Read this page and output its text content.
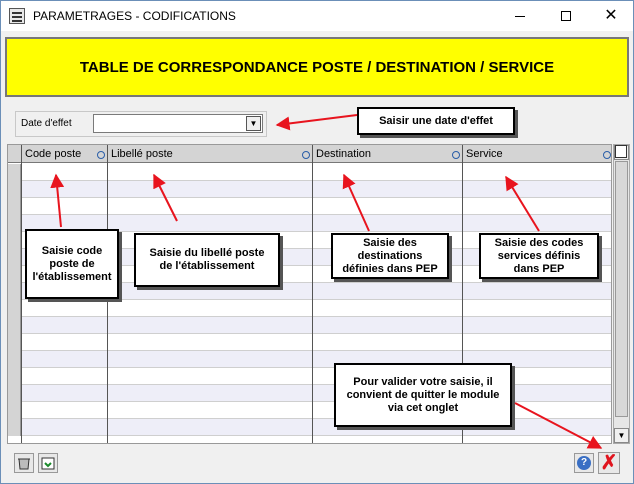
PARAMETRAGES - CODIFICATIONS	✕
TABLE DE CORRESPONDANCE POSTE / DESTINATION / SERVICE
Date d'effet	▼
Code poste	Libellé poste	Destination	Service
▼
Saisir une date d'effet
Saisie code poste de l'établissement
Saisie du libellé poste de l'établissement
Saisie des destinations définies dans PEP
Saisie des codes services définis dans PEP
Pour valider votre saisie, il convient de quitter le module via cet onglet
? ✗
